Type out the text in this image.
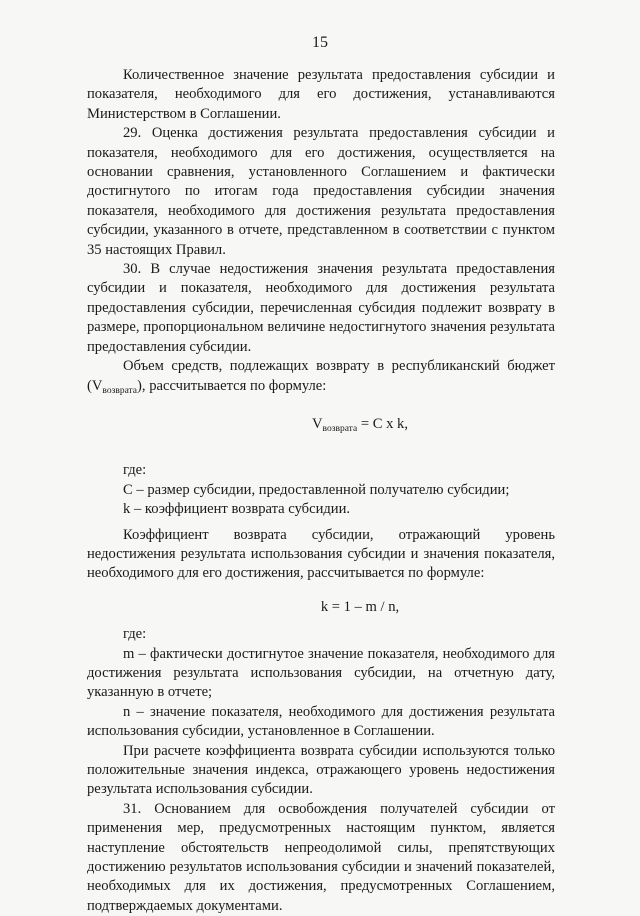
15

Количественное значение результата предоставления субсидии и показателя, необходимого для его достижения, устанавливаются Министерством в Соглашении.

29. Оценка достижения результата предоставления субсидии и показателя, необходимого для его достижения, осуществляется на основании сравнения, установленного Соглашением и фактически достигнутого по итогам года предоставления субсидии значения показателя, необходимого для достижения результата предоставления субсидии, указанного в отчете, представленном в соответствии с пунктом 35 настоящих Правил.

30. В случае недостижения значения результата предоставления субсидии и показателя, необходимого для достижения результата предоставления субсидии, перечисленная субсидия подлежит возврату в размере, пропорциональном величине недостигнутого значения результата предоставления субсидии.

Объем средств, подлежащих возврату в республиканский бюджет $(V_{возврата})$, рассчитывается по формуле:

$V_{возврата} = C$ x k,

где:

C – размер субсидии, предоставленной получателю субсидии;

k – коэффициент возврата субсидии.

Коэффициент возврата субсидии, отражающий уровень недостижения результата использования субсидии и значения показателя, необходимого для его достижения, рассчитывается по формуле:

k = 1 – m / n,

где:

m – фактически достигнутое значение показателя, необходимого для достижения результата использования субсидии, на отчетную дату, указанную в отчете;

n – значение показателя, необходимого для достижения результата использования субсидии, установленное в Соглашении.

При расчете коэффициента возврата субсидии используются только положительные значения индекса, отражающего уровень недостижения результата использования субсидии.

31. Основанием для освобождения получателей субсидии от применения мер, предусмотренных настоящим пунктом, является наступление обстоятельств непреодолимой силы, препятствующих достижению результатов использования субсидии и значений показателей, необходимых для их достижения, предусмотренных Соглашением, подтверждаемых документами.
